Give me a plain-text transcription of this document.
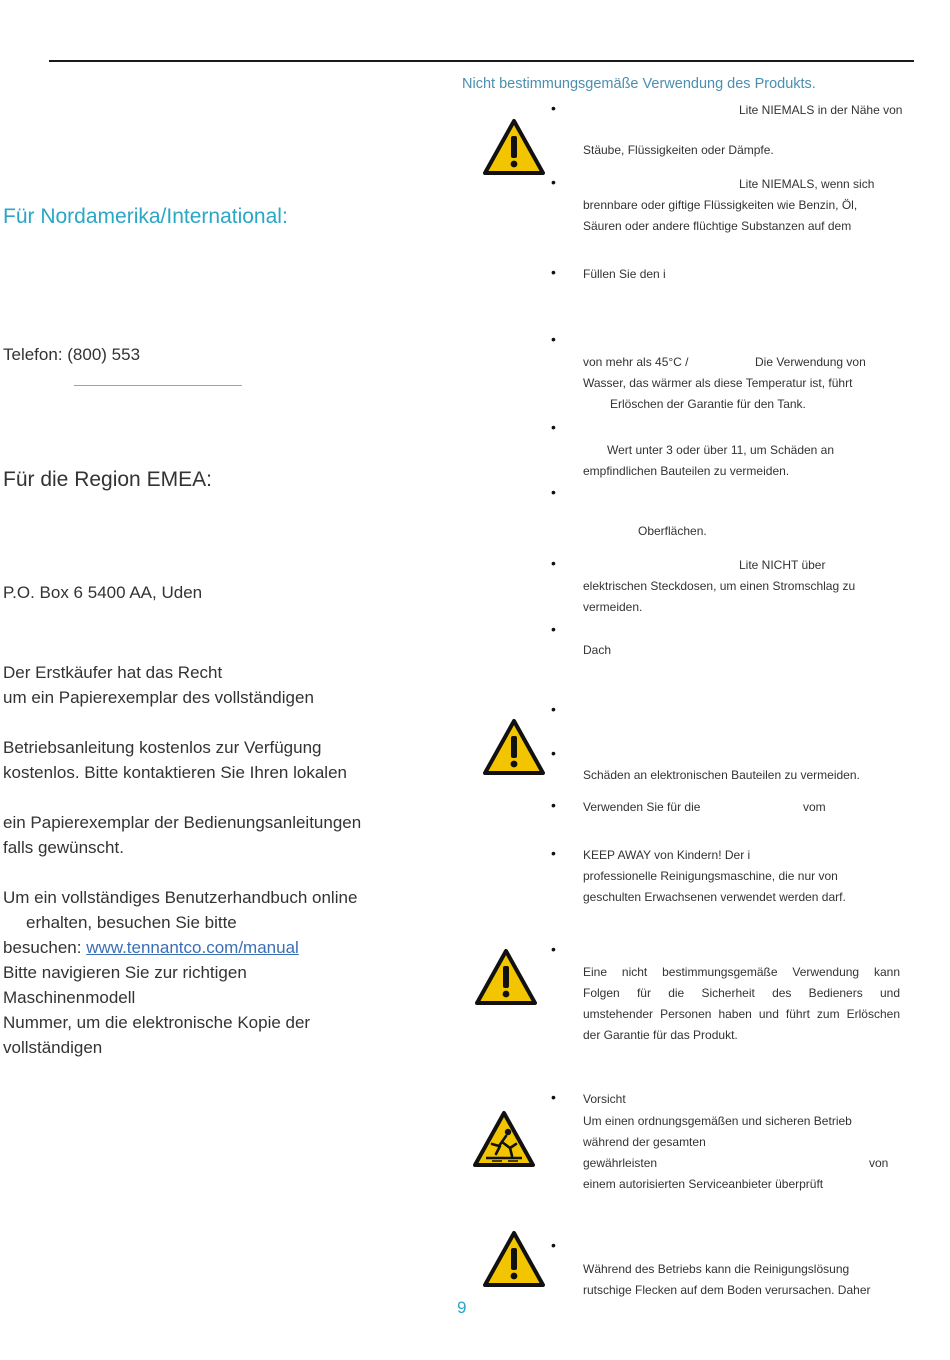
Für Nordamerika/International:
Telefon: (800) 553
Für die Region EMEA:
P.O. Box 6 5400 AA, Uden
Der Erstkäufer hat das Recht
um ein Papierexemplar des vollständigen
Betriebsanleitung kostenlos zur Verfügung
kostenlos. Bitte kontaktieren Sie Ihren lokalen
ein Papierexemplar der Bedienungsanleitungen
falls gewünscht.
Um ein vollständiges Benutzerhandbuch online
erhalten, besuchen Sie bitte
besuchen: www.tennantco.com/manual
Bitte navigieren Sie zur richtigen
Maschinenmodell
Nummer, um die elektronische Kopie der
vollständigen
Nicht bestimmungsgemäße Verwendung des Produkts.
•
•
•
•
•
•
•
•
•
•
•
•
•
•
•
Lite NIEMALS in der Nähe von
Stäube, Flüssigkeiten oder Dämpfe.
Lite NIEMALS, wenn sich
brennbare oder giftige Flüssigkeiten wie Benzin, Öl,
Säuren oder andere flüchtige Substanzen auf dem
Füllen Sie den i
von mehr als 45°C /	Die Verwendung von
Wasser, das wärmer als diese Temperatur ist, führt
Erlöschen der Garantie für den Tank.
Wert unter 3 oder über 11, um Schäden an
empfindlichen Bauteilen zu vermeiden.
Oberflächen.
Lite NICHT über
elektrischen Steckdosen, um einen Stromschlag zu
vermeiden.
Dach
Schäden an elektronischen Bauteilen zu vermeiden.
Verwenden Sie für die	vom
KEEP AWAY von Kindern! Der i
professionelle Reinigungsmaschine, die nur von
geschulten Erwachsenen verwendet werden darf.
Eine nicht bestimmungsgemäße Verwendung kann
Folgen für die Sicherheit des Bedieners und
umstehender Personen haben und führt zum Erlöschen
der Garantie für das Produkt.
Vorsicht
Um einen ordnungsgemäßen und sicheren Betrieb
während der gesamten
gewährleisten	von
einem autorisierten Serviceanbieter überprüft
Während des Betriebs kann die Reinigungslösung
rutschige Flecken auf dem Boden verursachen. Daher
9
